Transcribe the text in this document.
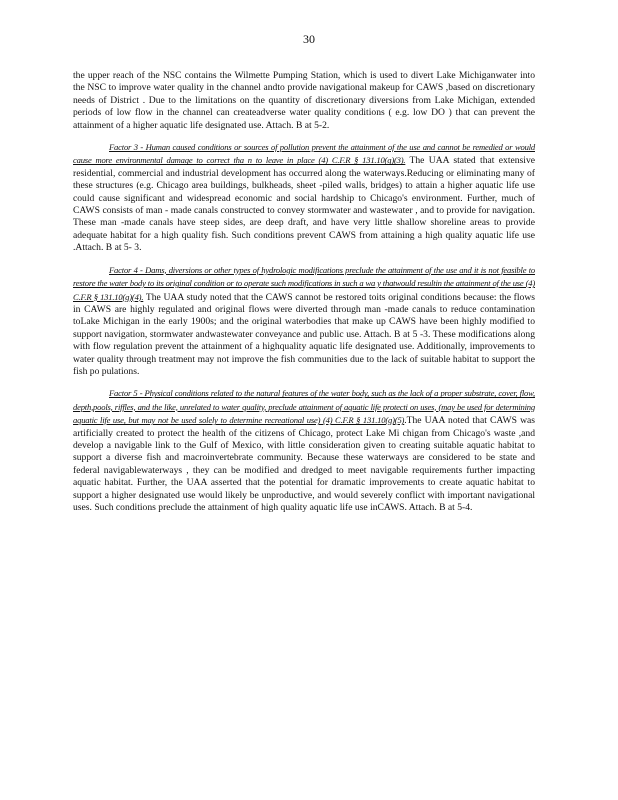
30

the upper reach of the NSC contains the Wilmette Pumping Station, which is used to divert Lake Michiganwater into the NSC to improve water quality in the channel andto provide navigational makeup for CAWS ,based on discretionary needs of District . Due to the limitations on the quantity of discretionary diversions from Lake Michigan, extended periods of low flow in the channel can createadverse water quality conditions ( e.g. low DO ) that can prevent the attainment of a higher aquatic life designated use. Attach. B at 5-2.

Factor 3 - Human caused conditions or sources of pollution prevent the attainment of the use and cannot be remedied or would cause more environmental damage to correct tha n to leave in place (4) C.F.R § 131.10(g)(3). The UAA stated that extensive residential, commercial and industrial development has occurred along the waterways.Reducing or eliminating many of these structures (e.g. Chicago area buildings, bulkheads, sheet -piled walls, bridges) to attain a higher aquatic life use could cause significant and widespread economic and social hardship to Chicago's environment. Further, much of CAWS consists of man - made canals constructed to convey stormwater and wastewater , and to provide for navigation. These man -made canals have steep sides, are deep draft, and have very little shallow shoreline areas to provide adequate habitat for a high quality fish. Such conditions prevent CAWS from attaining a high quality aquatic life use .Attach. B at 5- 3.

Factor 4 - Dams, diversions or other types of hydrologic modifications preclude the attainment of the use and it is not feasible to restore the water body to its original condition or to operate such modifications in such a wa y thatwould resultin the attainment of the use (4) C.F.R § 131.10(g)(4). The UAA study noted that the CAWS cannot be restored toits original conditions because: the flows in CAWS are highly regulated and original flows were diverted through man -made canals to reduce contamination toLake Michigan in the early 1900s; and the original waterbodies that make up CAWS have been highly modified to support navigation, stormwater andwastewater conveyance and public use. Attach. B at 5 -3. These modifications along with flow regulation prevent the attainment of a highquality aquatic life designated use. Additionally, improvements to water quality through treatment may not improve the fish communities due to the lack of suitable habitat to support the fish po pulations.

Factor 5 - Physical conditions related to the natural features of the water body, such as the lack of a proper substrate, cover, flow, depth,pools, riffles, and the like, unrelated to water quality, preclude attainment of aquatic life protecti on uses, (may be used for determining aquatic life use, but may not be used solely to determine recreational use) (4) C.F.R § 131.10(g)(5).The UAA noted that CAWS was artificially created to protect the health of the citizens of Chicago, protect Lake Mi chigan from Chicago's waste ,and develop a navigable link to the Gulf of Mexico, with little consideration given to creating suitable aquatic habitat to support a diverse fish and macroinvertebrate community. Because these waterways are considered to be state and federal navigablewaterways , they can be modified and dredged to meet navigable requirements further impacting aquatic habitat. Further, the UAA asserted that the potential for dramatic improvements to create aquatic habitat to support a higher designated use would likely be unproductive, and would severely conflict with important navigational uses. Such conditions preclude the attainment of high quality aquatic life use inCAWS. Attach. B at 5-4.
